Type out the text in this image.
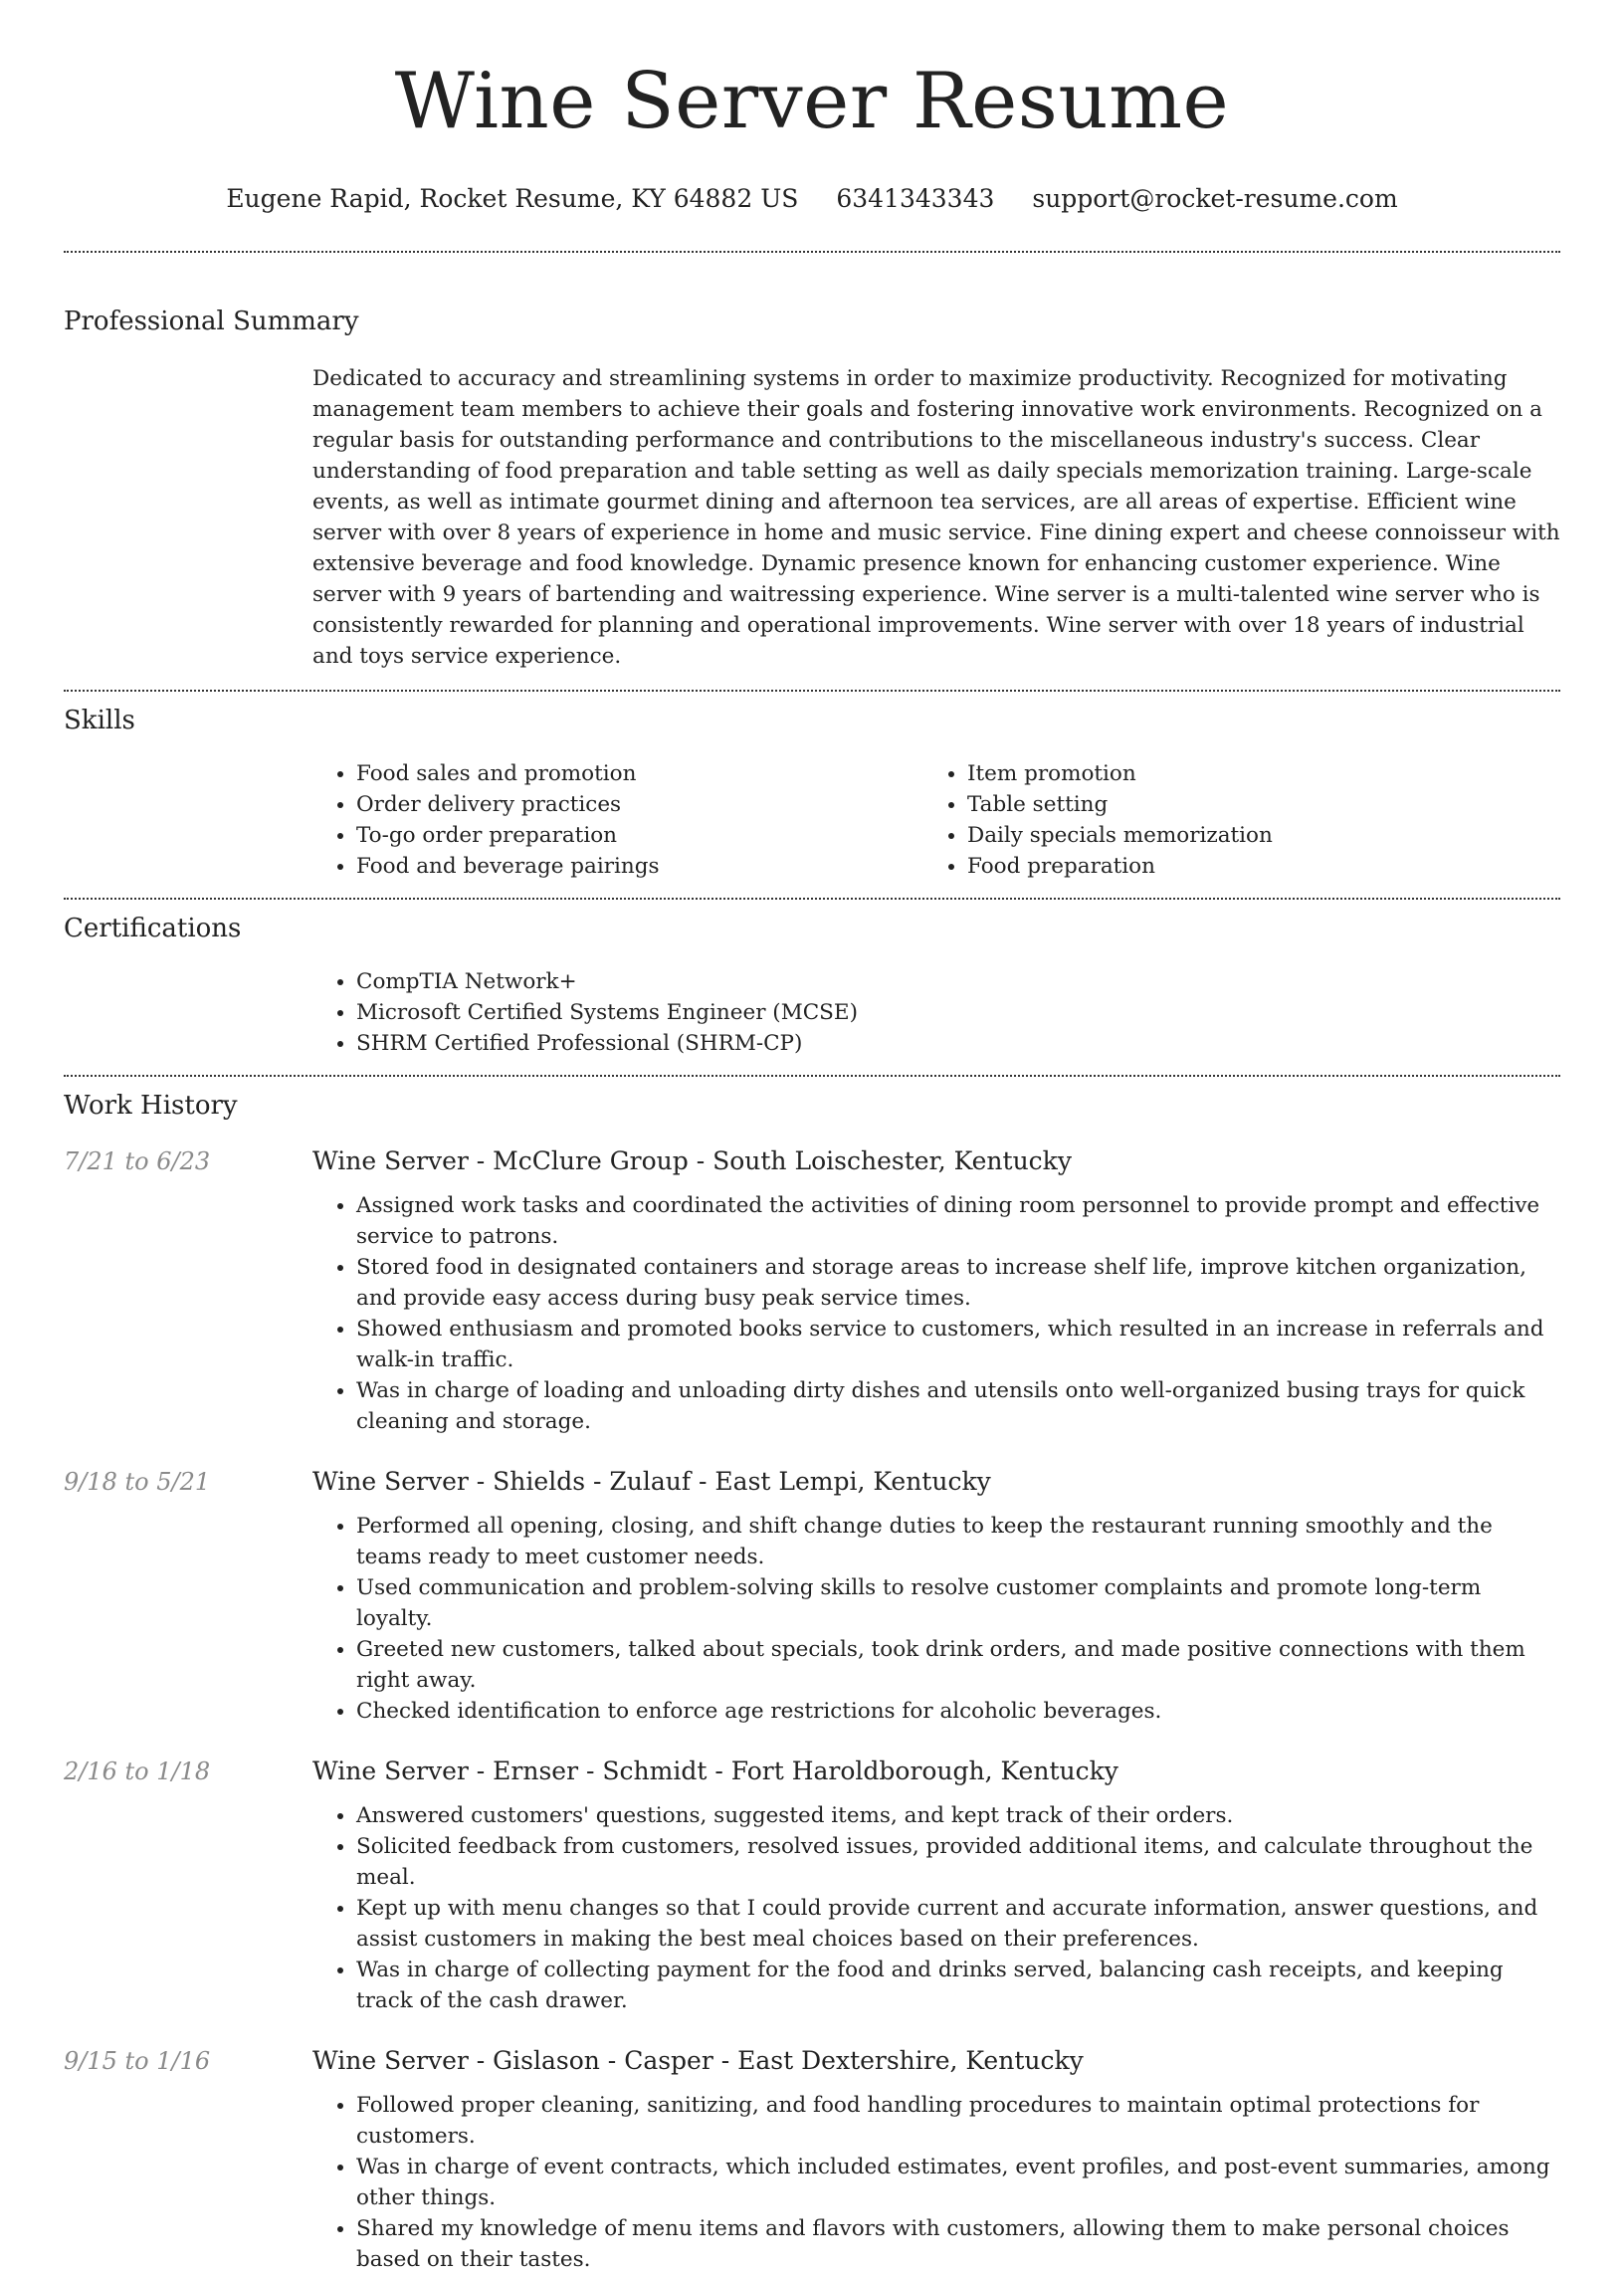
Wine Server Resume
Eugene Rapid, Rocket Resume, KY 64882 US 6341343343 support@rocket-resume.com
Professional Summary

Dedicated to accuracy and streamlining systems in order to maximize productivity. Recognized for motivating management team members to achieve their goals and fostering innovative work environments. Recognized on a regular basis for outstanding performance and contributions to the miscellaneous industry's success. Clear understanding of food preparation and table setting as well as daily specials memorization training. Large-scale events, as well as intimate gourmet dining and afternoon tea services, are all areas of expertise. Efficient wine server with over 8 years of experience in home and music service. Fine dining expert and cheese connoisseur with extensive beverage and food knowledge. Dynamic presence known for enhancing customer experience. Wine server with 9 years of bartending and waitressing experience. Wine server is a multi-talented wine server who is consistently rewarded for planning and operational improvements. Wine server with over 18 years of industrial and toys service experience.

Skills
• Food sales and promotion
• Order delivery practices
• To-go order preparation
• Food and beverage pairings
• Item promotion
• Table setting
• Daily specials memorization
• Food preparation
Certifications
• CompTIA Network+
• Microsoft Certified Systems Engineer (MCSE)
• SHRM Certified Professional (SHRM-CP)
Work History
7/21 to 6/23	Wine Server - McClure Group - South Loischester, Kentucky
• Assigned work tasks and coordinated the activities of dining room personnel to provide prompt and effective service to patrons.
• Stored food in designated containers and storage areas to increase shelf life, improve kitchen organization, and provide easy access during busy peak service times.
• Showed enthusiasm and promoted books service to customers, which resulted in an increase in referrals and walk-in traffic.
• Was in charge of loading and unloading dirty dishes and utensils onto well-organized busing trays for quick cleaning and storage.
9/18 to 5/21	Wine Server - Shields - Zulauf - East Lempi, Kentucky
• Performed all opening, closing, and shift change duties to keep the restaurant running smoothly and the teams ready to meet customer needs.
• Used communication and problem-solving skills to resolve customer complaints and promote long-term loyalty.
• Greeted new customers, talked about specials, took drink orders, and made positive connections with them right away.
• Checked identification to enforce age restrictions for alcoholic beverages.
2/16 to 1/18	Wine Server - Ernser - Schmidt - Fort Haroldborough, Kentucky
• Answered customers' questions, suggested items, and kept track of their orders.
• Solicited feedback from customers, resolved issues, provided additional items, and calculate throughout the meal.
• Kept up with menu changes so that I could provide current and accurate information, answer questions, and assist customers in making the best meal choices based on their preferences.
• Was in charge of collecting payment for the food and drinks served, balancing cash receipts, and keeping track of the cash drawer.
9/15 to 1/16	Wine Server - Gislason - Casper - East Dextershire, Kentucky
• Followed proper cleaning, sanitizing, and food handling procedures to maintain optimal protections for customers.
• Was in charge of event contracts, which included estimates, event profiles, and post-event summaries, among other things.
• Shared my knowledge of menu items and flavors with customers, allowing them to make personal choices based on their tastes.
